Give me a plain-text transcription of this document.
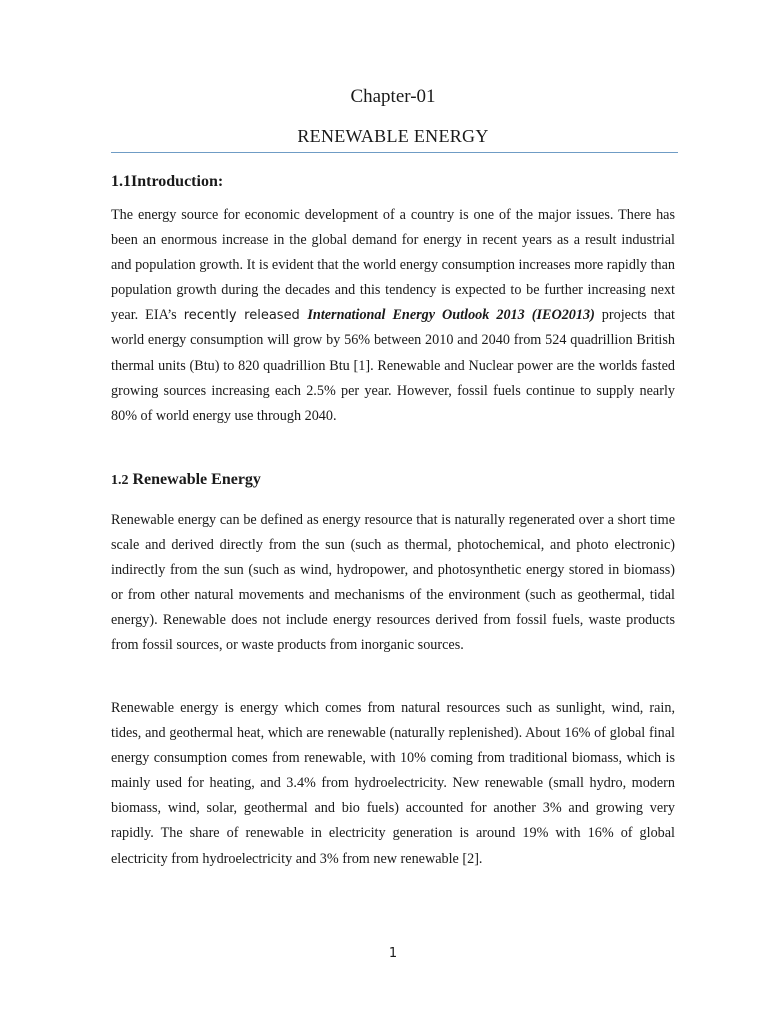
Chapter-01
RENEWABLE ENERGY
1.1Introduction:

The energy source for economic development of a country is one of the major issues. There has been an enormous increase in the global demand for energy in recent years as a result industrial and population growth. It is evident that the world energy consumption increases more rapidly than population growth during the decades and this tendency is expected to be further increasing next year. EIA’s recently released International Energy Outlook 2013 (IEO2013) projects that world energy consumption will grow by 56% between 2010 and 2040 from 524 quadrillion British thermal units (Btu) to 820 quadrillion Btu [1]. Renewable and Nuclear power are the worlds fasted growing sources increasing each 2.5% per year. However, fossil fuels continue to supply nearly 80% of world energy use through 2040.

1.2 Renewable Energy

Renewable energy can be defined as energy resource that is naturally regenerated over a short time scale and derived directly from the sun (such as thermal, photochemical, and photo electronic) indirectly from the sun (such as wind, hydropower, and photosynthetic energy stored in biomass) or from other natural movements and mechanisms of the environment (such as geothermal, tidal energy). Renewable does not include energy resources derived from fossil fuels, waste products from fossil sources, or waste products from inorganic sources.

Renewable energy is energy which comes from natural resources such as sunlight, wind, rain, tides, and geothermal heat, which are renewable (naturally replenished). About 16% of global final energy consumption comes from renewable, with 10% coming from traditional biomass, which is mainly used for heating, and 3.4% from hydroelectricity. New renewable (small hydro, modern biomass, wind, solar, geothermal and bio fuels) accounted for another 3% and growing very rapidly. The share of renewable in electricity generation is around 19% with 16% of global electricity from hydroelectricity and 3% from new renewable [2].

1
